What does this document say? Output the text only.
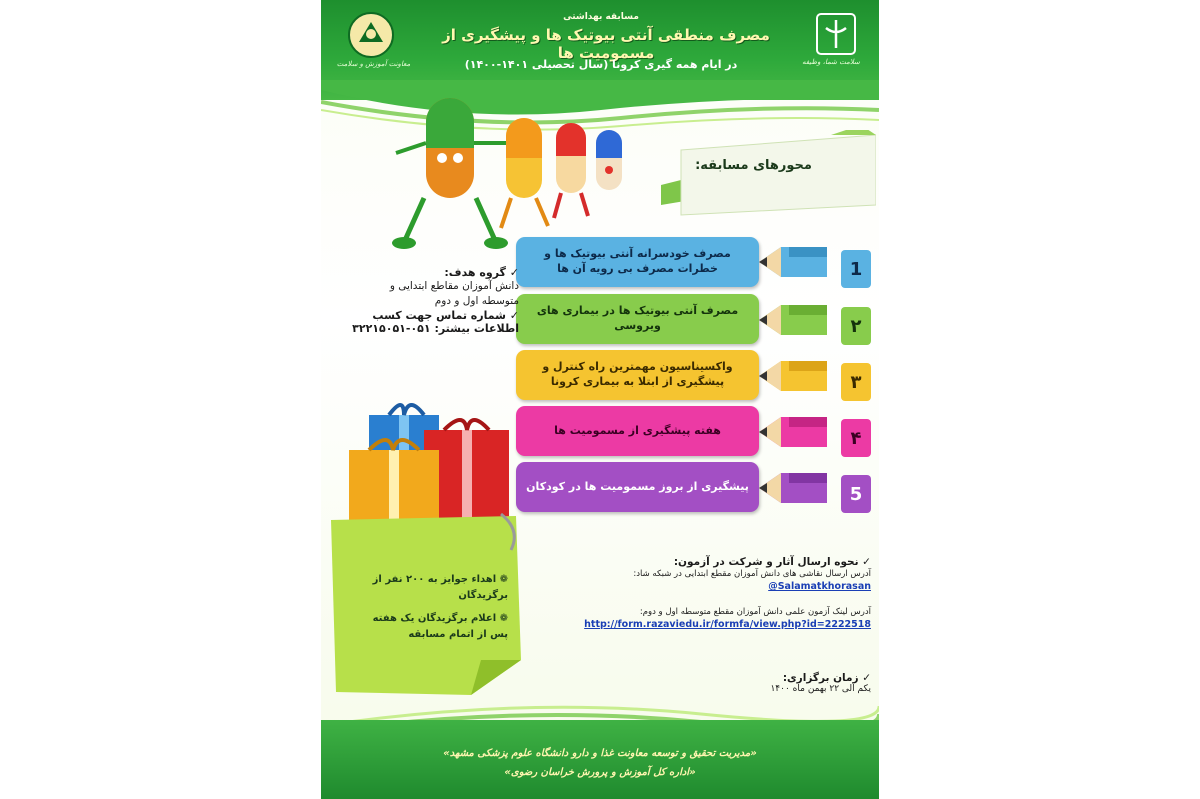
معاونت آموزش و سلامت	سلامت شما، وظیفه
مسابقه بهداشتی
مصرف منطقی آنتی بیوتیک ها و پیشگیری از مسمومیت ها
در ایام همه گیری کرونا (سال تحصیلی ۱۴۰۱-۱۴۰۰)
محورهای مسابقه:
مصرف خودسرانه آنتی بیوتیک ها و خطرات مصرف بی رویه آن ها	1
مصرف آنتی بیوتیک ها در بیماری های ویروسی	۲
واکسیناسیون مهمترین راه کنترل و پیشگیری از ابتلا به بیماری کرونا	۳
هفته پیشگیری از مسمومیت ها	۴
پیشگیری از بروز مسمومیت ها در کودکان	5
✓ گروه هدف:
دانش آموزان مقاطع ابتدایی و
متوسطه اول و دوم
✓ شماره تماس جهت کسب
اطلاعات بیشتر: ۰۵۱-۳۲۲۱۵۰۵۱
❁ اهداء جوایز به ۲۰۰ نفر از برگزیدگان
❁ اعلام برگزیدگان یک هفته
پس از اتمام مسابقه
✓ نحوه ارسال آثار و شرکت در آزمون:
آدرس ارسال نقاشی های دانش آموزان مقطع ابتدایی در شبکه شاد:
@Salamatkhorasan
آدرس لینک آزمون علمی دانش آموزان مقطع متوسطه اول و دوم:
http://form.razaviedu.ir/formfa/view.php?id=2222518
✓ زمان برگزاری:
یکم الی ۲۲ بهمن ماه ۱۴۰۰
«مدیریت تحقیق و توسعه معاونت غذا و دارو دانشگاه علوم پزشکی مشهد»
«اداره کل آموزش و پرورش خراسان رضوی»
